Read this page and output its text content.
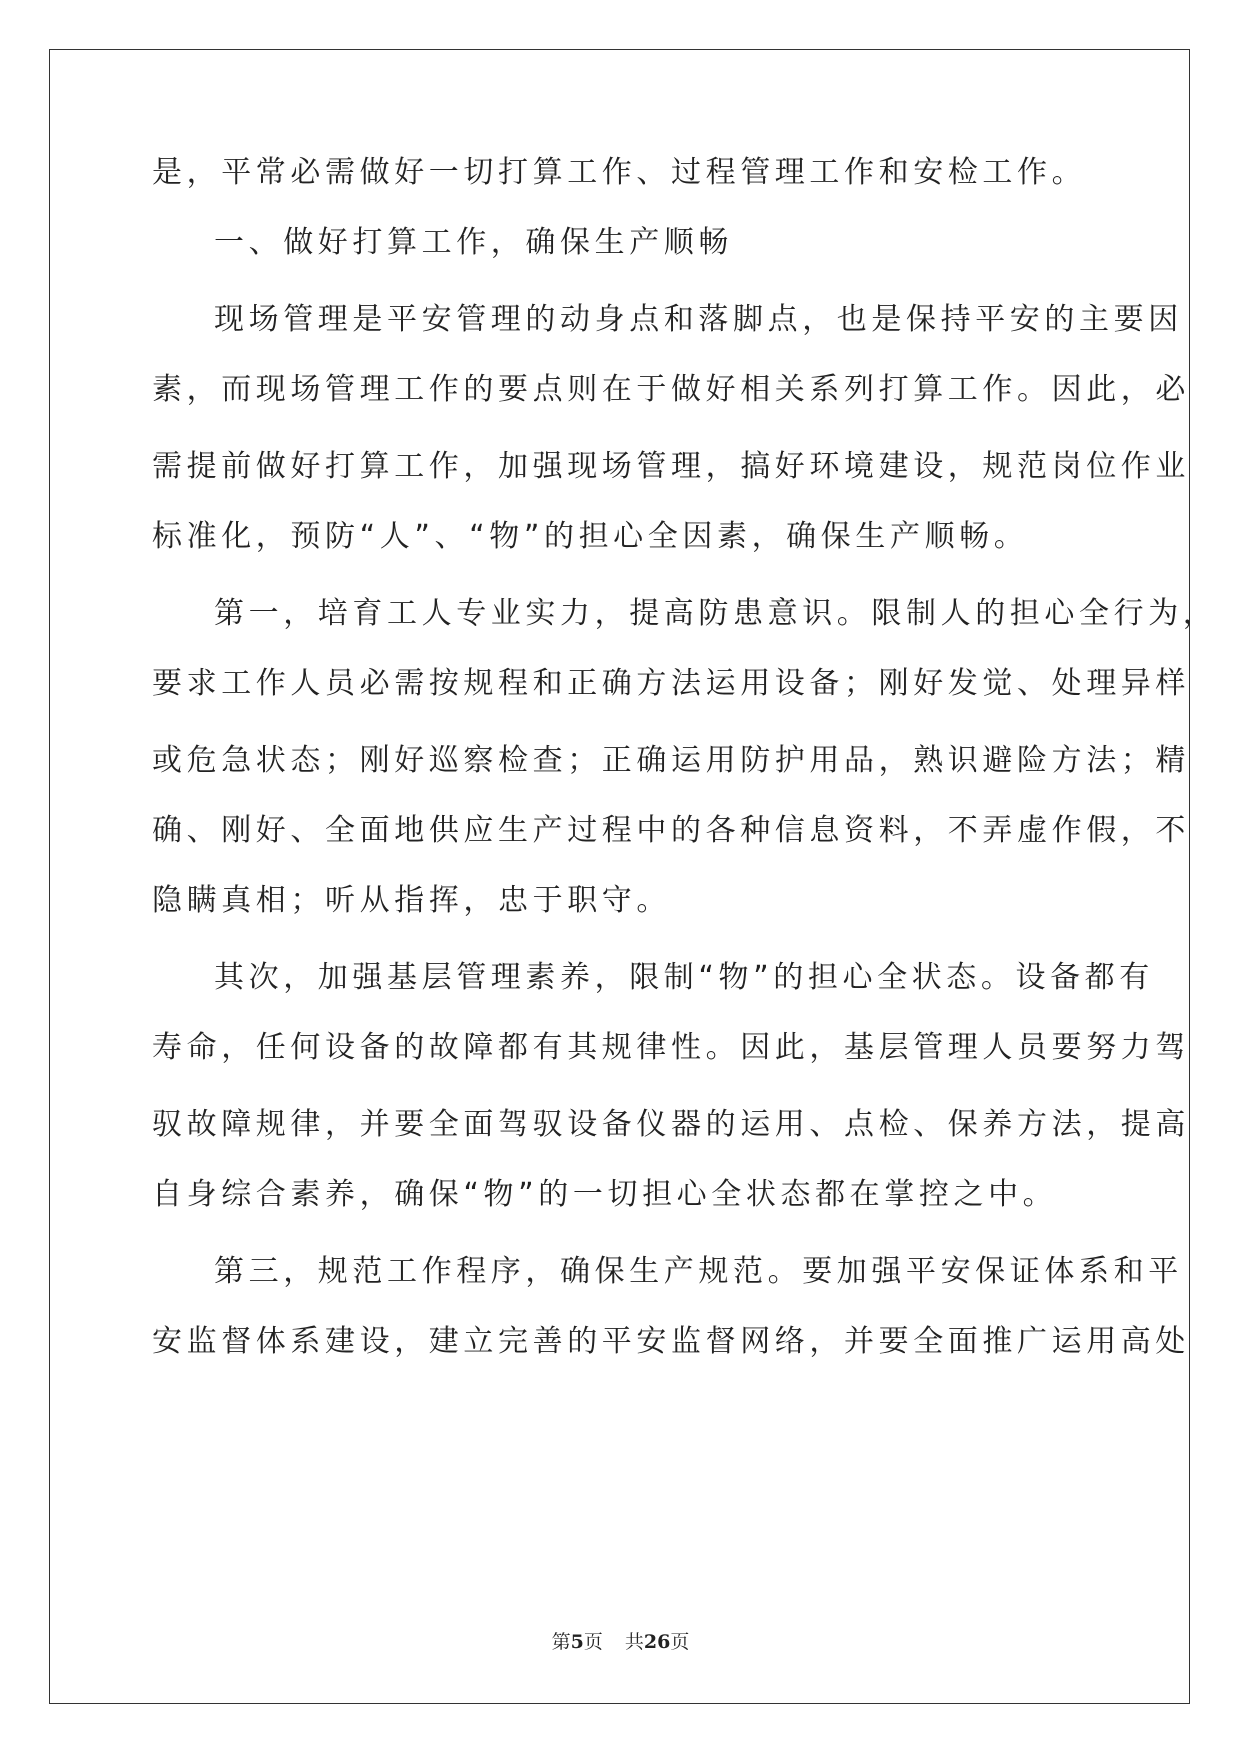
是，平常必需做好一切打算工作、过程管理工作和安检工作。
一、做好打算工作，确保生产顺畅
现场管理是平安管理的动身点和落脚点，也是保持平安的主要因
素，而现场管理工作的要点则在于做好相关系列打算工作。因此，必
需提前做好打算工作，加强现场管理，搞好环境建设，规范岗位作业
标准化，预防“人”、“物”的担心全因素，确保生产顺畅。
第一，培育工人专业实力，提高防患意识。限制人的担心全行为，
要求工作人员必需按规程和正确方法运用设备；刚好发觉、处理异样
或危急状态；刚好巡察检查；正确运用防护用品，熟识避险方法；精
确、刚好、全面地供应生产过程中的各种信息资料，不弄虚作假，不
隐瞒真相；听从指挥，忠于职守。
其次，加强基层管理素养，限制“物”的担心全状态。设备都有
寿命，任何设备的故障都有其规律性。因此，基层管理人员要努力驾
驭故障规律，并要全面驾驭设备仪器的运用、点检、保养方法，提高
自身综合素养，确保“物”的一切担心全状态都在掌控之中。
第三，规范工作程序，确保生产规范。要加强平安保证体系和平
安监督体系建设，建立完善的平安监督网络，并要全面推广运用高处
第5页 共26页
